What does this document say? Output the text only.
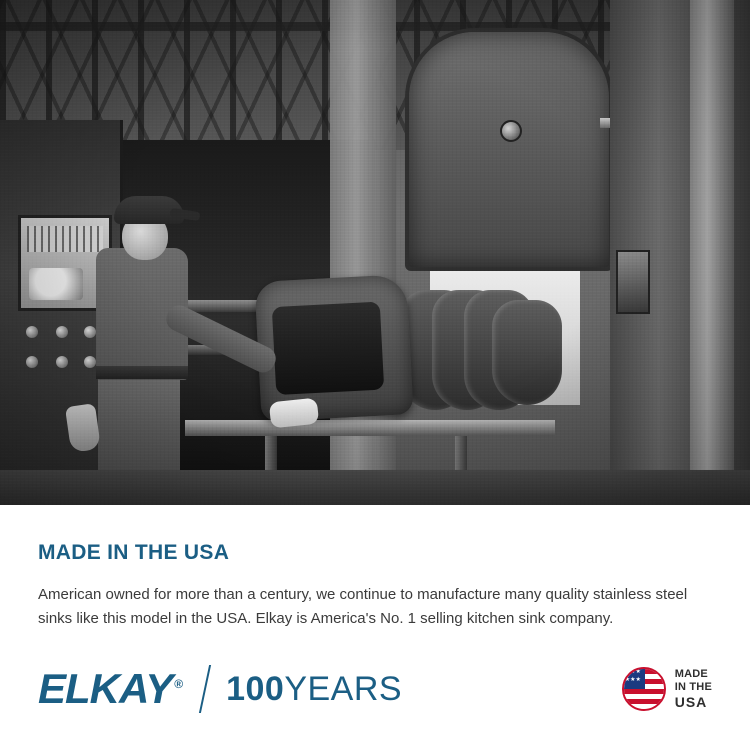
MADE IN THE USA

American owned for more than a century, we continue to manufacture many quality stainless steel sinks like this model in the USA. Elkay is America's No. 1 selling kitchen sink company.

ELKAY ® 100YEARS ★★★ ★★★	MADE
IN THE
USA
